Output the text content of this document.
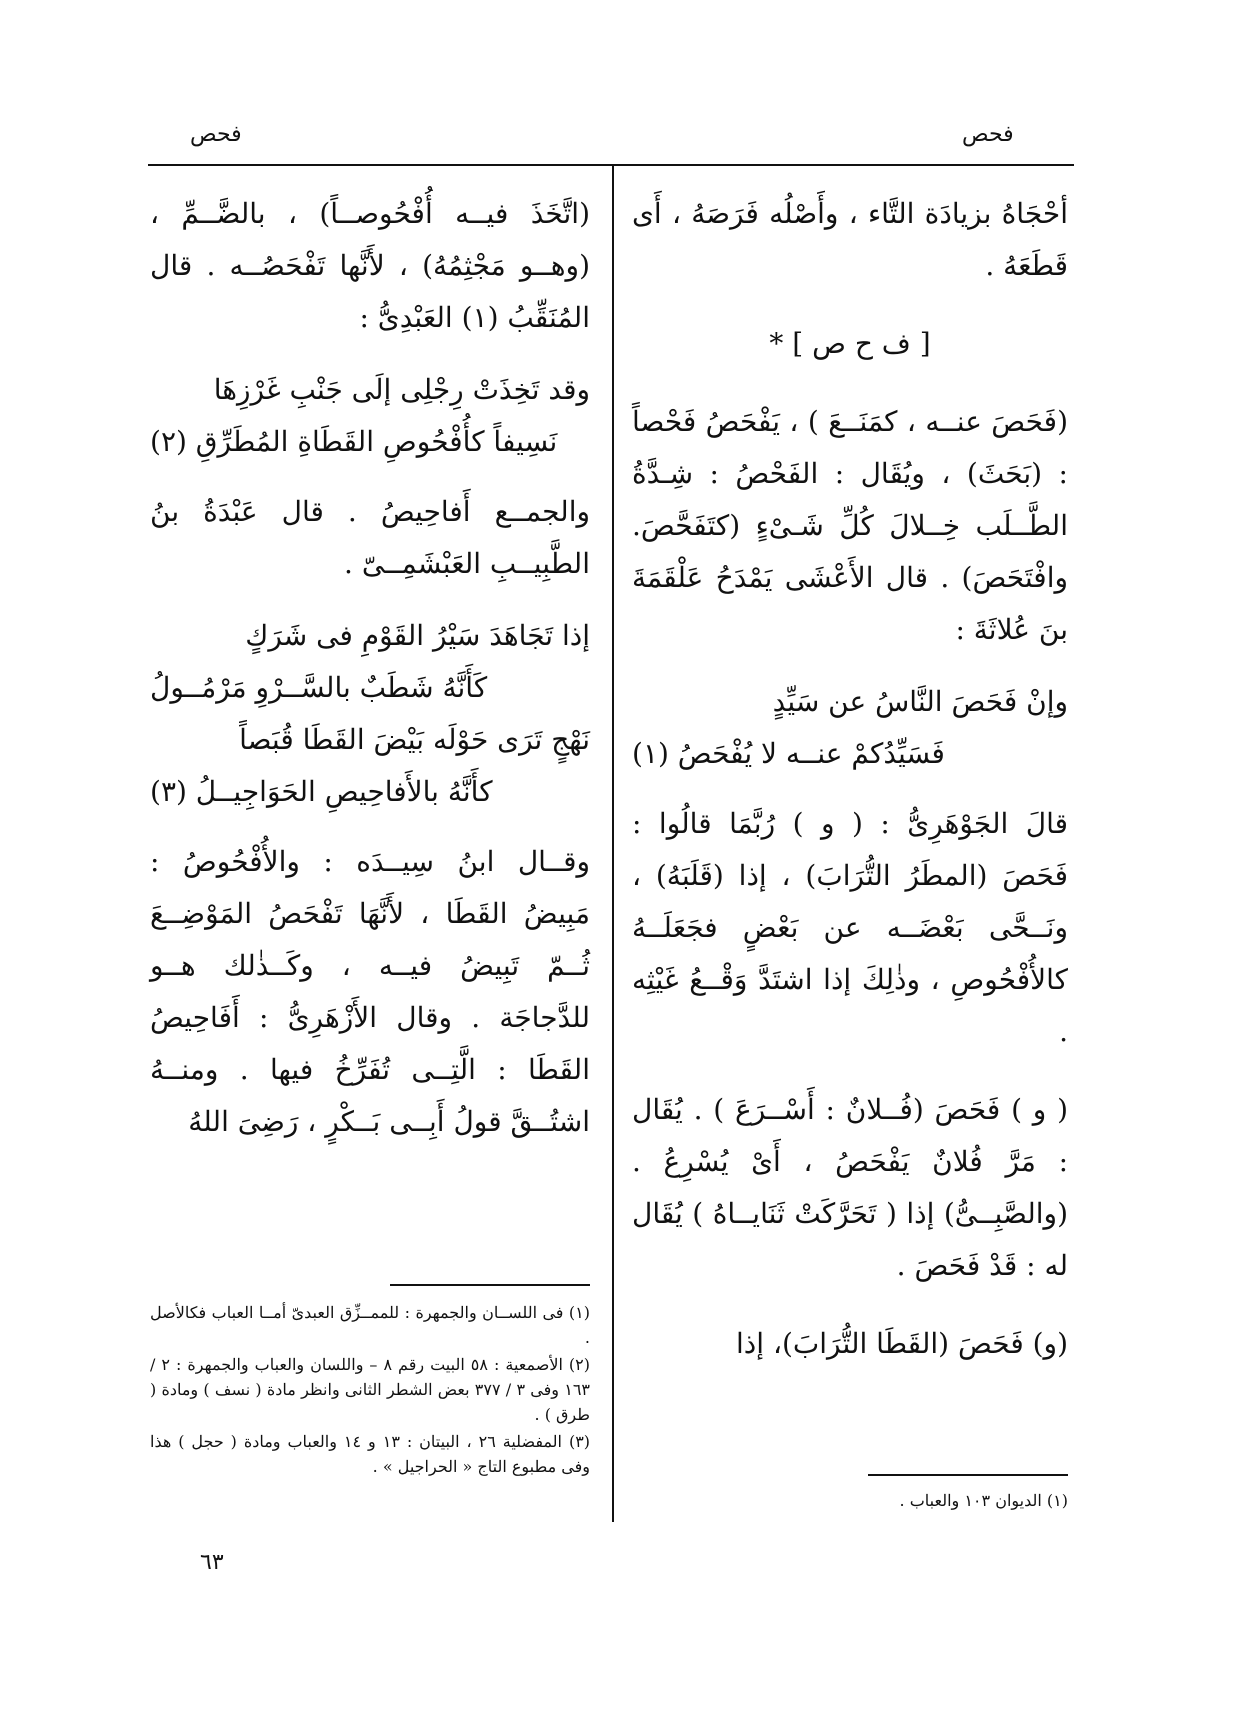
فحص	فحص

أحْجَاهُ بزيادَة التَّاء ، وأَصْلُه فَرَصَهُ ، أَى قَطَعَهُ .

[ ف ح ص ] *

(فَحَصَ عنــه ، كمَنَــعَ ) ، يَفْحَصُ فَحْصاً : (بَحَثَ) ، ويُقَال : الفَحْصُ : شِـدَّةُ الطَّــلَب خِــلالَ كُلِّ شَـىْءٍ (كتَفَحَّصَ. وافْتَحَصَ) . قال الأَعْشَى يَمْدَحُ عَلْقَمَةَ بنَ عُلاثَةَ :

وإنْ فَحَصَ النَّاسُ عن سَيِّدٍ
فَسَيِّدُكمْ عنــه لا يُفْحَصُ (١)

قالَ الجَوْهَرِىُّ : ( و ) رُبَّمَا قالُوا : فَحَصَ (المطَرُ التُّرَابَ) ، إذا (قَلَبَهُ) ، ونَــحَّى بَعْضَــه عن بَعْضٍ فجَعَلَــهُ كالأُفْحُوصِ ، وذٰلِكَ إذا اشتَدَّ وَقْــعُ غَيْثِه .

( و ) فَحَصَ (فُــلانٌ : أَسْــرَعَ ) . يُقَال : مَرَّ فُلانٌ يَفْحَصُ ، أَىْ يُسْرِعُ . (والصَّبِــىُّ) إذا ( تَحَرَّكَتْ ثَنَايــاهُ ) يُقَال له : قَدْ فَحَصَ .

(و) فَحَصَ (القَطَا التُّرَابَ)، إذا

(اتَّخَذَ فيــه أُفْحُوصــاً) ، بالضَّــمِّ ، (وهــو مَجْثِمُهُ) ، لأَنَّها تَفْحَصُــه . قال المُنَقِّبُ (١) العَبْدِىُّ :

وقد تَخِذَتْ رِجْلِى إلَى جَنْبِ غَرْزِهَا
نَسِيفاً كأُفْحُوصِ القَطَاةِ المُطَرِّقِ (٢)

والجمــع أَفاحِيصُ . قال عَبْدَةُ بنُ الطَّبِيــبِ العَبْشَمِــىّ .

إذا تَجَاهَدَ سَيْرُ القَوْمِ فى شَرَكٍ
كَأَنَّهُ شَطَبٌ بالسَّــرْوِ مَرْمُــولُ
نَهْجٍ تَرَى حَوْلَه بَيْضَ القَطَا قُبَصاً
كأَنَّهُ بالأَفاحِيصِ الحَوَاجِيــلُ (٣)

وقــال ابنُ سِيــدَه : والأُفْحُوصُ : مَبِيضُ القَطَا ، لأَنَّهَا تَفْحَصُ المَوْضِــعَ ثُــمّ تَبِيضُ فيــه ، وكَــذٰلك هــو للدَّجاجَة . وقال الأَزْهَرِىُّ : أَفَاحِيصُ القَطَا : الَّتِــى تُفَرِّخُ فيها . ومنــهُ اشتُــقَّ قولُ أَبِــى بَــكْرٍ ، رَضِىَ اللهُ

(١) فى اللســان والجمهرة : للممــزِّق العبدىّ أمــا العباب فكالأصل .

(٢) الأصمعية : ٥٨ البيت رقم ٨ – واللسان والعباب والجمهرة : ٢ / ١٦٣ وفى ٣ / ٣٧٧ بعض الشطر الثانى وانظر مادة ( نسف ) ومادة ( طرق ) .

(٣) المفضلية ٢٦ ، البيتان : ١٣ و ١٤ والعباب ومادة ( حجل ) هذا وفى مطبوع التاج « الحراجيل » .

(١) الديوان ١٠٣ والعباب .

٦٣
